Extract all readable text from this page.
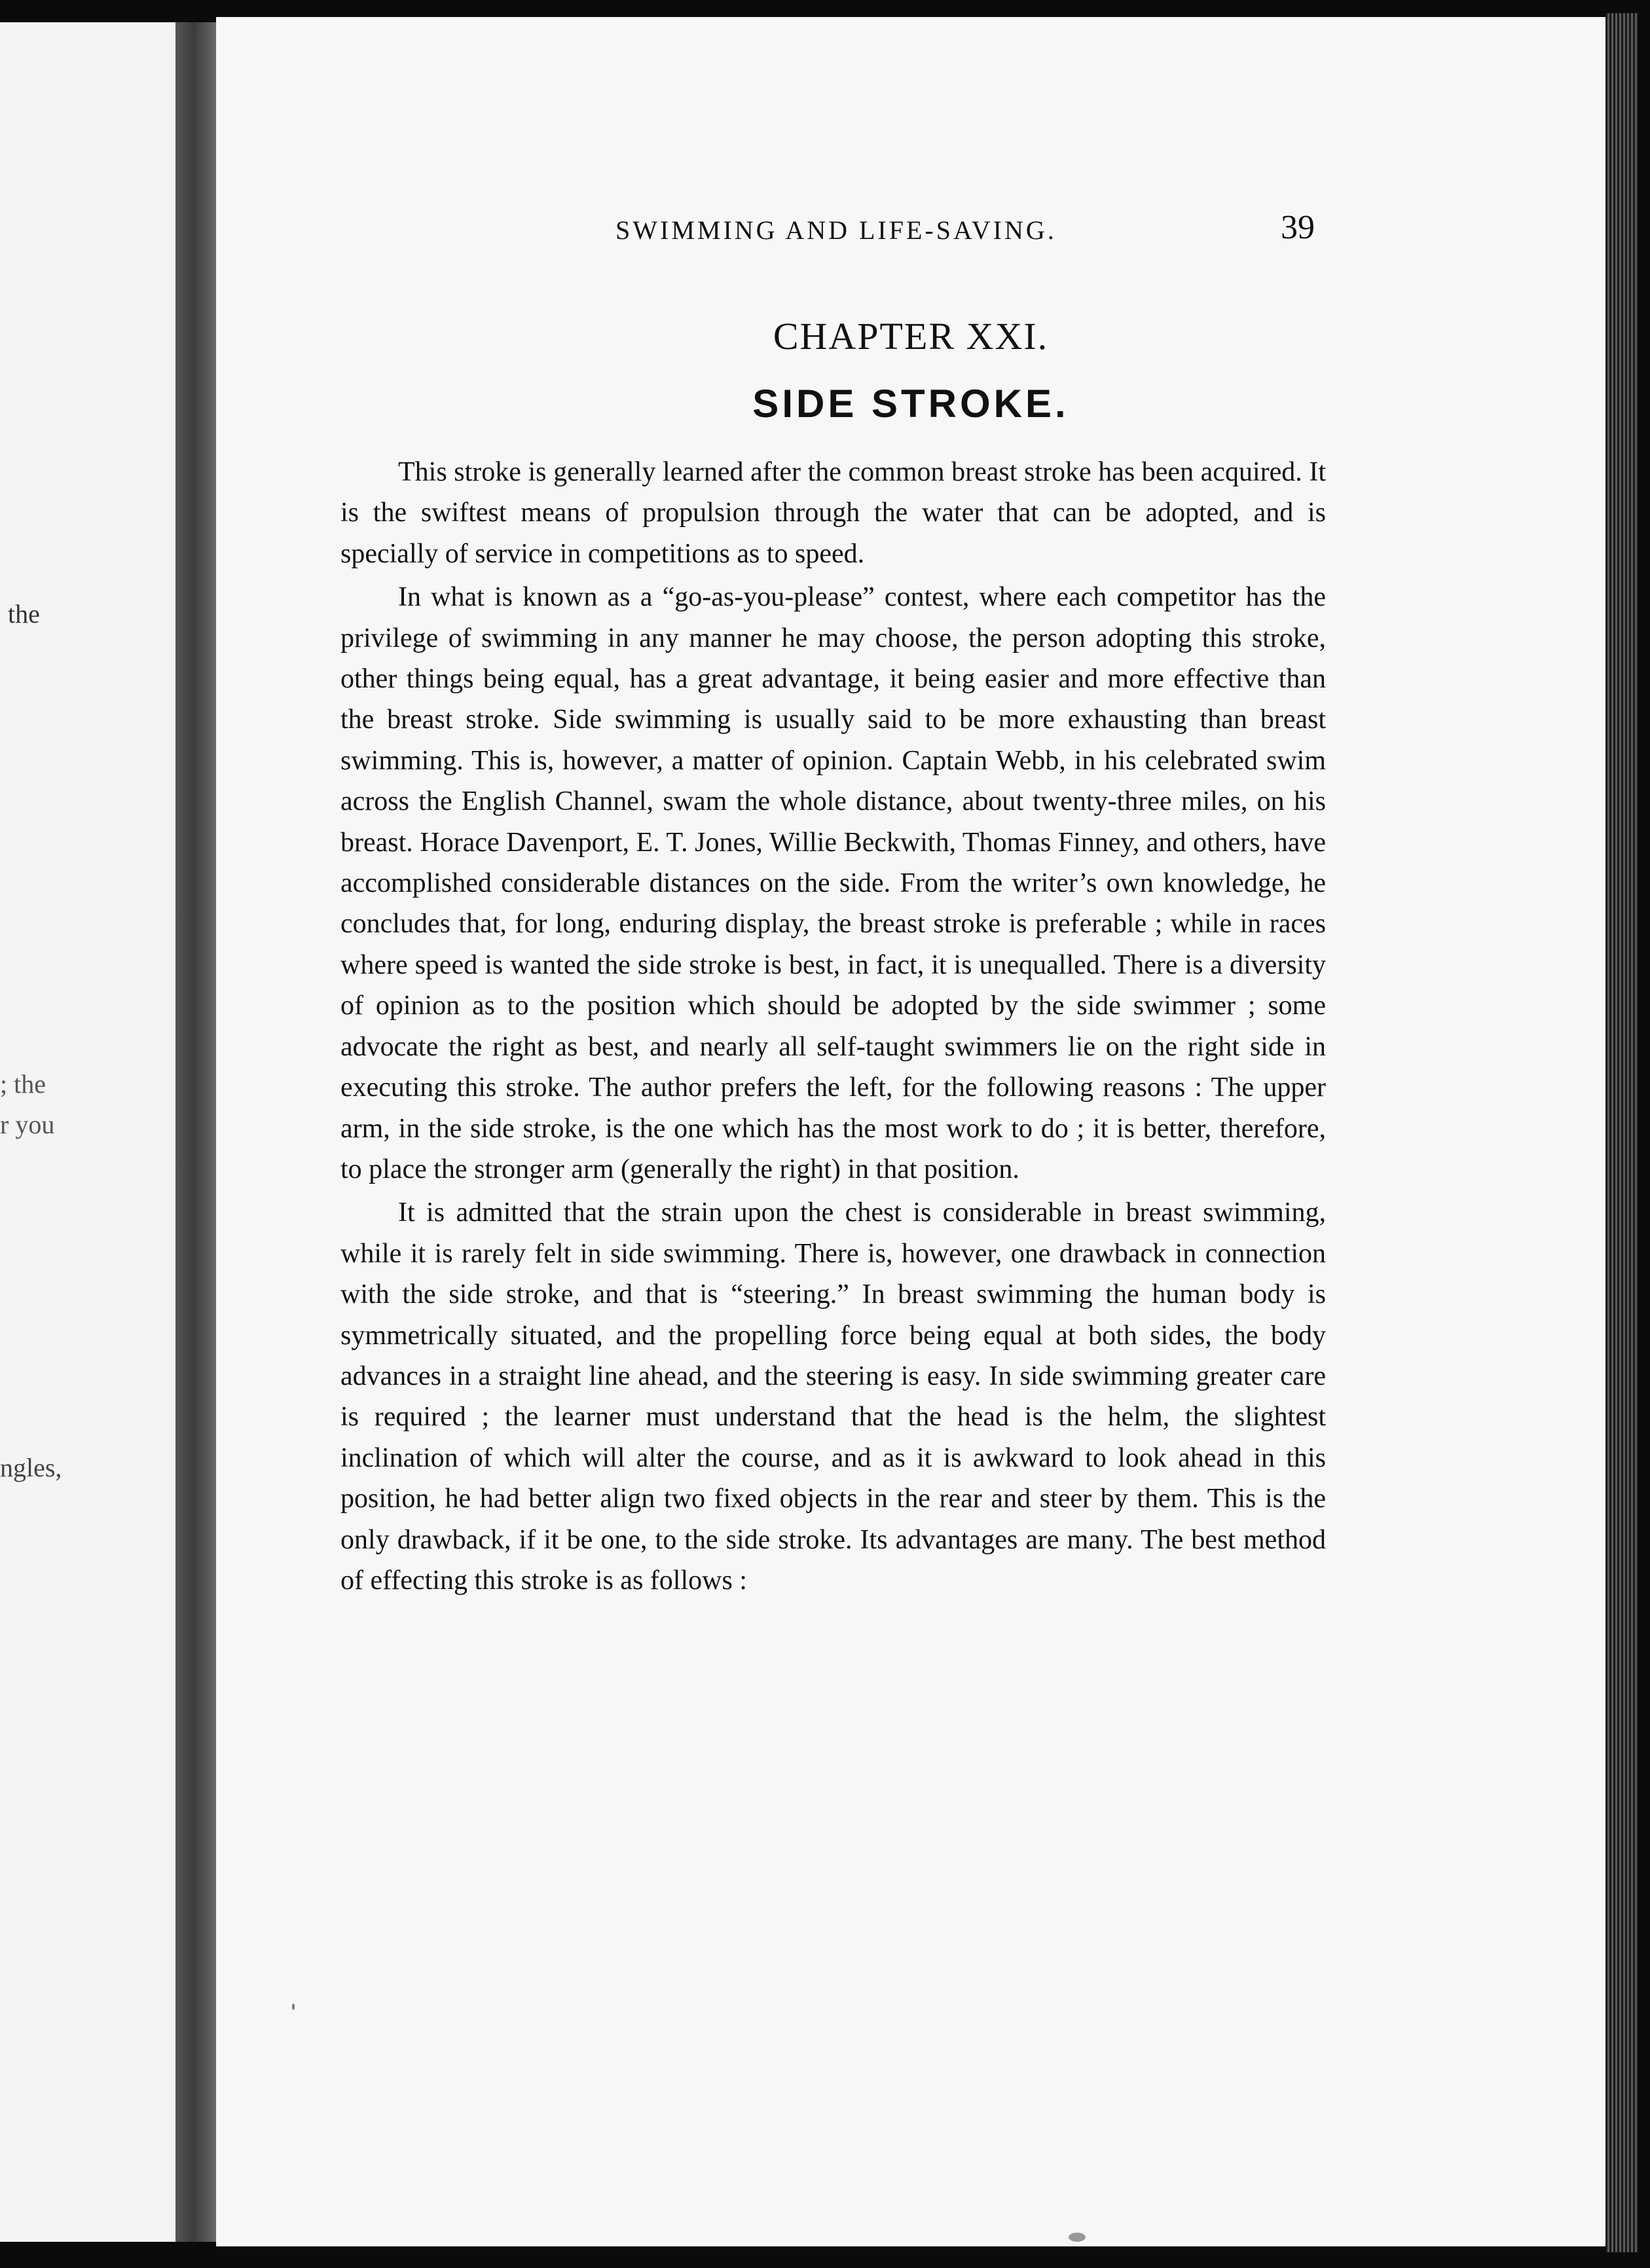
the
; the
r you
ngles,
SWIMMING AND LIFE-SAVING.	39
CHAPTER XXI.
SIDE STROKE.

This stroke is generally learned after the common breast stroke has been acquired. It is the swiftest means of propulsion through the water that can be adopted, and is specially of service in competitions as to speed.

In what is known as a “go-as-you-please” contest, where each competitor has the privilege of swimming in any manner he may choose, the person adopting this stroke, other things being equal, has a great advantage, it being easier and more effective than the breast stroke. Side swimming is usually said to be more exhausting than breast swimming. This is, however, a matter of opinion. Captain Webb, in his celebrated swim across the English Channel, swam the whole distance, about twenty-three miles, on his breast. Horace Davenport, E. T. Jones, Willie Beckwith, Thomas Finney, and others, have accomplished considerable distances on the side. From the writer’s own knowledge, he concludes that, for long, enduring display, the breast stroke is preferable ; while in races where speed is wanted the side stroke is best, in fact, it is unequalled. There is a diversity of opinion as to the position which should be adopted by the side swimmer ; some advocate the right as best, and nearly all self-taught swimmers lie on the right side in executing this stroke. The author prefers the left, for the following reasons : The upper arm, in the side stroke, is the one which has the most work to do ; it is better, therefore, to place the stronger arm (generally the right) in that position.

It is admitted that the strain upon the chest is considerable in breast swimming, while it is rarely felt in side swimming. There is, however, one drawback in connection with the side stroke, and that is “steering.” In breast swimming the human body is symmetrically situated, and the propelling force being equal at both sides, the body advances in a straight line ahead, and the steering is easy. In side swimming greater care is required ; the learner must understand that the head is the helm, the slightest inclination of which will alter the course, and as it is awkward to look ahead in this position, he had better align two fixed objects in the rear and steer by them. This is the only drawback, if it be one, to the side stroke. Its advantages are many. The best method of effecting this stroke is as follows :
